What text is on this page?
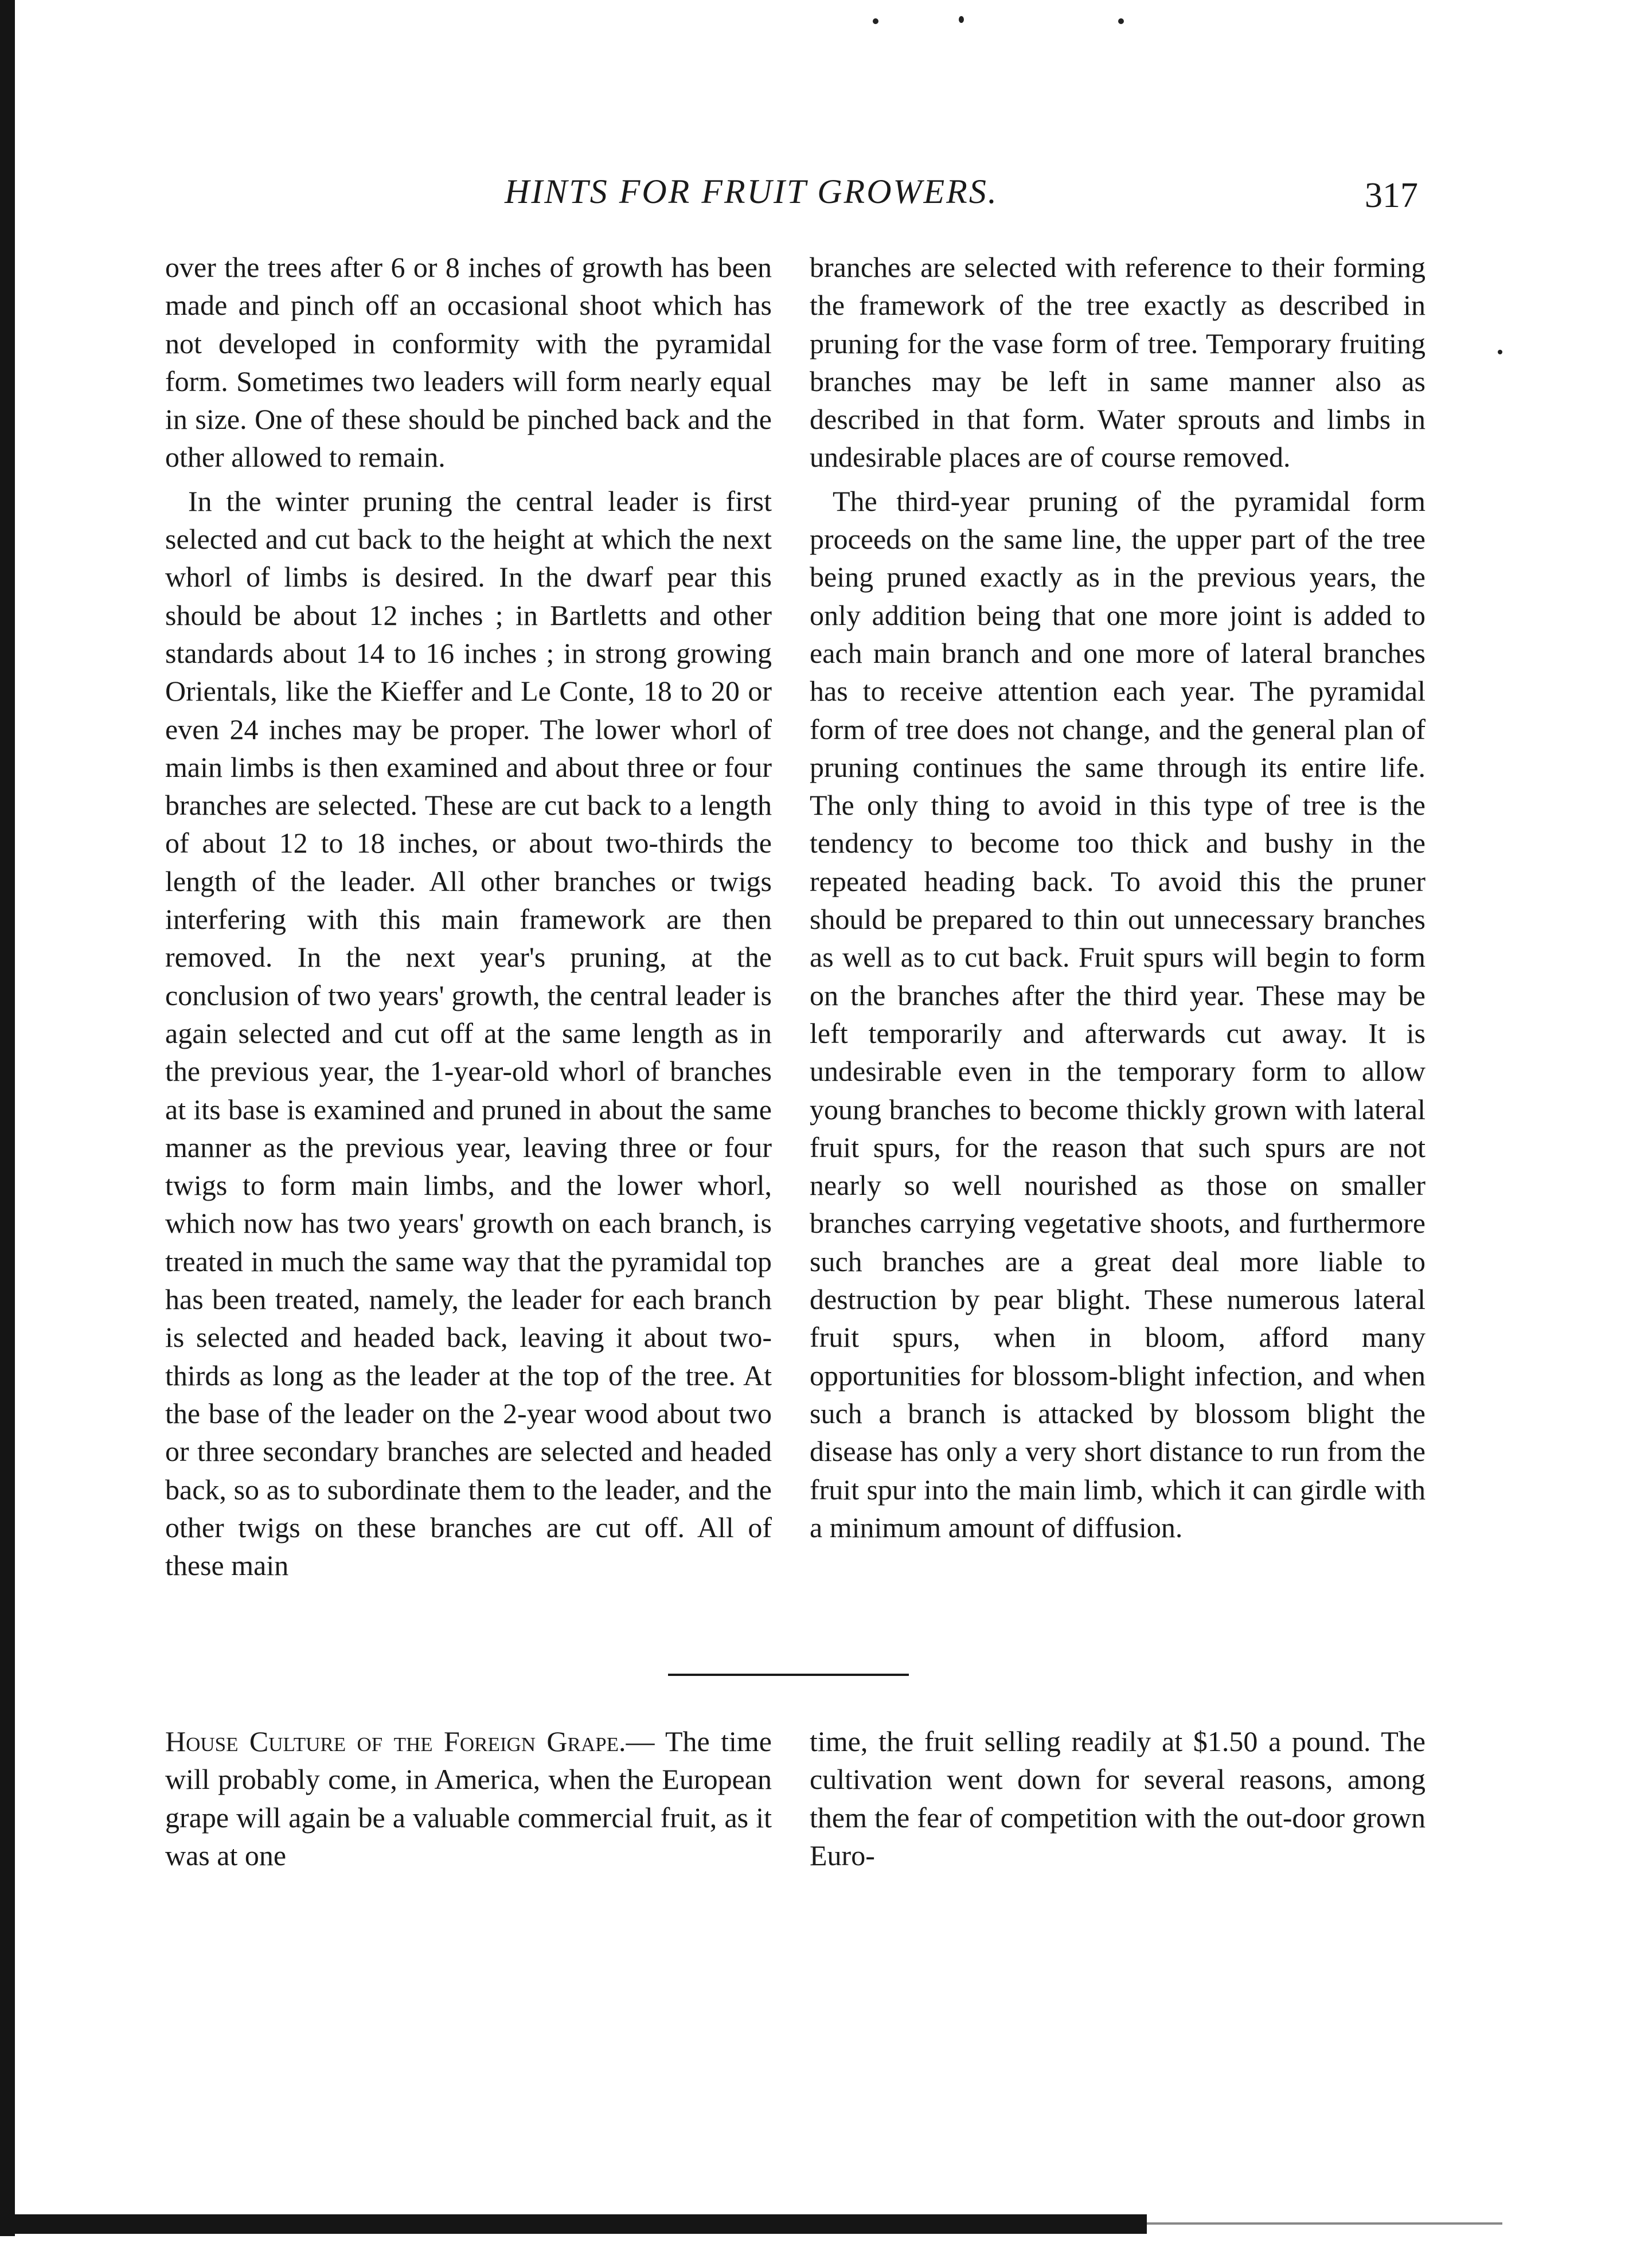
HINTS FOR FRUIT GROWERS.	317

over the trees after 6 or 8 inches of growth has been made and pinch off an occasional shoot which has not developed in conformity with the pyramidal form. Sometimes two leaders will form nearly equal in size. One of these should be pinched back and the other allowed to remain.

In the winter pruning the central leader is first selected and cut back to the height at which the next whorl of limbs is desired. In the dwarf pear this should be about 12 inches ; in Bartletts and other standards about 14 to 16 inches ; in strong growing Orientals, like the Kieffer and Le Conte, 18 to 20 or even 24 inches may be proper. The lower whorl of main limbs is then examined and about three or four branches are selected. These are cut back to a length of about 12 to 18 inches, or about two-thirds the length of the leader. All other branches or twigs interfering with this main framework are then removed. In the next year's pruning, at the conclusion of two years' growth, the central leader is again selected and cut off at the same length as in the previous year, the 1-year-old whorl of branches at its base is examined and pruned in about the same manner as the previous year, leaving three or four twigs to form main limbs, and the lower whorl, which now has two years' growth on each branch, is treated in much the same way that the pyramidal top has been treated, namely, the leader for each branch is selected and headed back, leaving it about two-thirds as long as the leader at the top of the tree. At the base of the leader on the 2-year wood about two or three secondary branches are selected and headed back, so as to subordinate them to the leader, and the other twigs on these branches are cut off. All of these main

branches are selected with reference to their forming the framework of the tree exactly as described in pruning for the vase form of tree. Temporary fruiting branches may be left in same manner also as described in that form. Water sprouts and limbs in undesirable places are of course removed.

The third-year pruning of the pyramidal form proceeds on the same line, the upper part of the tree being pruned exactly as in the previous years, the only addition being that one more joint is added to each main branch and one more of lateral branches has to receive attention each year. The pyramidal form of tree does not change, and the general plan of pruning continues the same through its entire life. The only thing to avoid in this type of tree is the tendency to become too thick and bushy in the repeated heading back. To avoid this the pruner should be prepared to thin out unnecessary branches as well as to cut back. Fruit spurs will begin to form on the branches after the third year. These may be left temporarily and afterwards cut away. It is undesirable even in the temporary form to allow young branches to become thickly grown with lateral fruit spurs, for the reason that such spurs are not nearly so well nourished as those on smaller branches carrying vegetative shoots, and furthermore such branches are a great deal more liable to destruction by pear blight. These numerous lateral fruit spurs, when in bloom, afford many opportunities for blossom-blight infection, and when such a branch is attacked by blossom blight the disease has only a very short distance to run from the fruit spur into the main limb, which it can girdle with a minimum amount of diffusion.

House Culture of the Foreign Grape.— The time will probably come, in America, when the European grape will again be a valuable commercial fruit, as it was at one
time, the fruit selling readily at $1.50 a pound. The cultivation went down for several reasons, among them the fear of competition with the out-door grown Euro-
